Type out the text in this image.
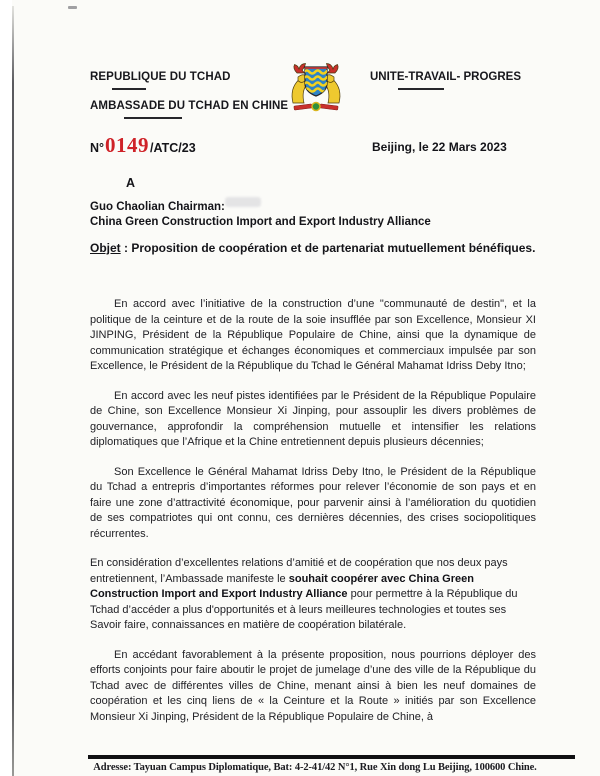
REPUBLIQUE DU TCHAD
AMBASSADE DU TCHAD EN CHINE
UNITE-TRAVAIL- PROGRES
N° 0149 /ATC/23	Beijing, le 22 Mars 2023
A
Guo Chaolian Chairman:
China Green Construction Import and Export Industry Alliance
Objet : Proposition de coopération et de partenariat mutuellement bénéfiques.

En accord avec l’initiative de la construction d’une "communauté de destin", et la politique de la ceinture et de la route de la soie insufflée par son Excellence, Monsieur XI JINPING, Président de la République Populaire de Chine, ainsi que la dynamique de communication stratégique et échanges économiques et commerciaux impulsée par son Excellence, le Président de la République du Tchad le Général Mahamat Idriss Deby Itno;

En accord avec les neuf pistes identifiées par le Président de la République Populaire de Chine, son Excellence Monsieur Xi Jinping, pour assouplir les divers problèmes de gouvernance, approfondir la compréhension mutuelle et intensifier les relations diplomatiques que l’Afrique et la Chine entretiennent depuis plusieurs décennies;

Son Excellence le Général Mahamat Idriss Deby Itno, le Président de la République du Tchad a entrepris d’importantes réformes pour relever l’économie de son pays et en faire une zone d’attractivité économique, pour parvenir ainsi à l’amélioration du quotidien de ses compatriotes qui ont connu, ces dernières décennies, des crises sociopolitiques récurrentes.

En considération d’excellentes relations d’amitié et de coopération que nos deux pays entretiennent, l’Ambassade manifeste le souhait coopérer avec China Green Construction Import and Export Industry Alliance pour permettre à la République du Tchad d’accéder a plus d'opportunités et à leurs meilleures technologies et toutes ses Savoir faire, connaissances en matière de coopération bilatérale.

En accédant favorablement à la présente proposition, nous pourrions déployer des efforts conjoints pour faire aboutir le projet de jumelage d’une des ville de la République du Tchad avec de différentes villes de Chine, menant ainsi à bien les neuf domaines de coopération et les cinq liens de « la Ceinture et la Route » initiés par son Excellence Monsieur Xi Jinping, Président de la République Populaire de Chine, à

Adresse: Tayuan Campus Diplomatique, Bat: 4-2-41/42 N°1, Rue Xin dong Lu Beijing, 100600 Chine.
